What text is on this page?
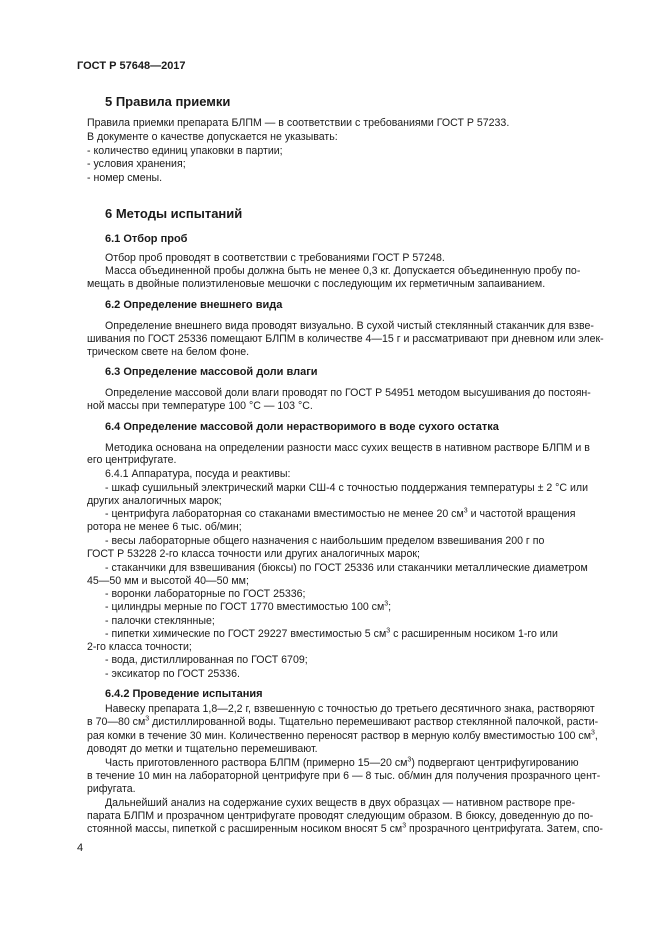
ГОСТ Р 57648—2017
5 Правила приемки
Правила приемки препарата БЛПМ — в соответствии с требованиями ГОСТ Р 57233.
В документе о качестве допускается не указывать:
- количество единиц упаковки в партии;
- условия хранения;
- номер смены.
6 Методы испытаний
6.1 Отбор проб
Отбор проб проводят в соответствии с требованиями ГОСТ Р 57248.
Масса объединенной пробы должна быть не менее 0,3 кг. Допускается объединенную пробу по-
мещать в двойные полиэтиленовые мешочки с последующим их герметичным запаиванием.
6.2 Определение внешнего вида
Определение внешнего вида проводят визуально. В сухой чистый стеклянный стаканчик для взве-
шивания по ГОСТ 25336 помещают БЛПМ в количестве 4—15 г и рассматривают при дневном или элек-
трическом свете на белом фоне.
6.3 Определение массовой доли влаги
Определение массовой доли влаги проводят по ГОСТ Р 54951 методом высушивания до постоян-
ной массы при температуре 100 °С — 103 °С.
6.4 Определение массовой доли нерастворимого в воде сухого остатка
Методика основана на определении разности масс сухих веществ в нативном растворе БЛПМ и в
его центрифугате.
6.4.1 Аппаратура, посуда и реактивы:
- шкаф сушильный электрический марки СШ-4 с точностью поддержания температуры ± 2 °С или
других аналогичных марок;
- центрифуга лабораторная со стаканами вместимостью не менее 20 $см^3$ и частотой вращения
ротора не менее 6 тыс. об/мин;
- весы лабораторные общего назначения с наибольшим пределом взвешивания 200 г по
ГОСТ Р 53228 2-го класса точности или других аналогичных марок;
- стаканчики для взвешивания (бюксы) по ГОСТ 25336 или стаканчики металлические диаметром
45—50 мм и высотой 40—50 мм;
- воронки лабораторные по ГОСТ 25336;
- цилиндры мерные по ГОСТ 1770 вместимостью 100 $см^3$;
- палочки стеклянные;
- пипетки химические по ГОСТ 29227 вместимостью 5 $см^3$ с расширенным носиком 1-го или
2-го класса точности;
- вода, дистиллированная по ГОСТ 6709;
- эксикатор по ГОСТ 25336.
6.4.2 Проведение испытания
Навеску препарата 1,8—2,2 г, взвешенную с точностью до третьего десятичного знака, растворяют
в 70—80 $см^3$ дистиллированной воды. Тщательно перемешивают раствор стеклянной палочкой, расти-
рая комки в течение 30 мин. Количественно переносят раствор в мерную колбу вместимостью 100 $см^3$,
доводят до метки и тщательно перемешивают.
Часть приготовленного раствора БЛПМ (примерно 15—20 $см^3$) подвергают центрифугированию
в течение 10 мин на лабораторной центрифуге при 6 — 8 тыс. об/мин для получения прозрачного цент-
рифугата.
Дальнейший анализ на содержание сухих веществ в двух образцах — нативном растворе пре-
парата БЛПМ и прозрачном центрифугате проводят следующим образом. В бюксу, доведенную до по-
стоянной массы, пипеткой с расширенным носиком вносят 5 $см^3$ прозрачного центрифугата. Затем, спо-
4
